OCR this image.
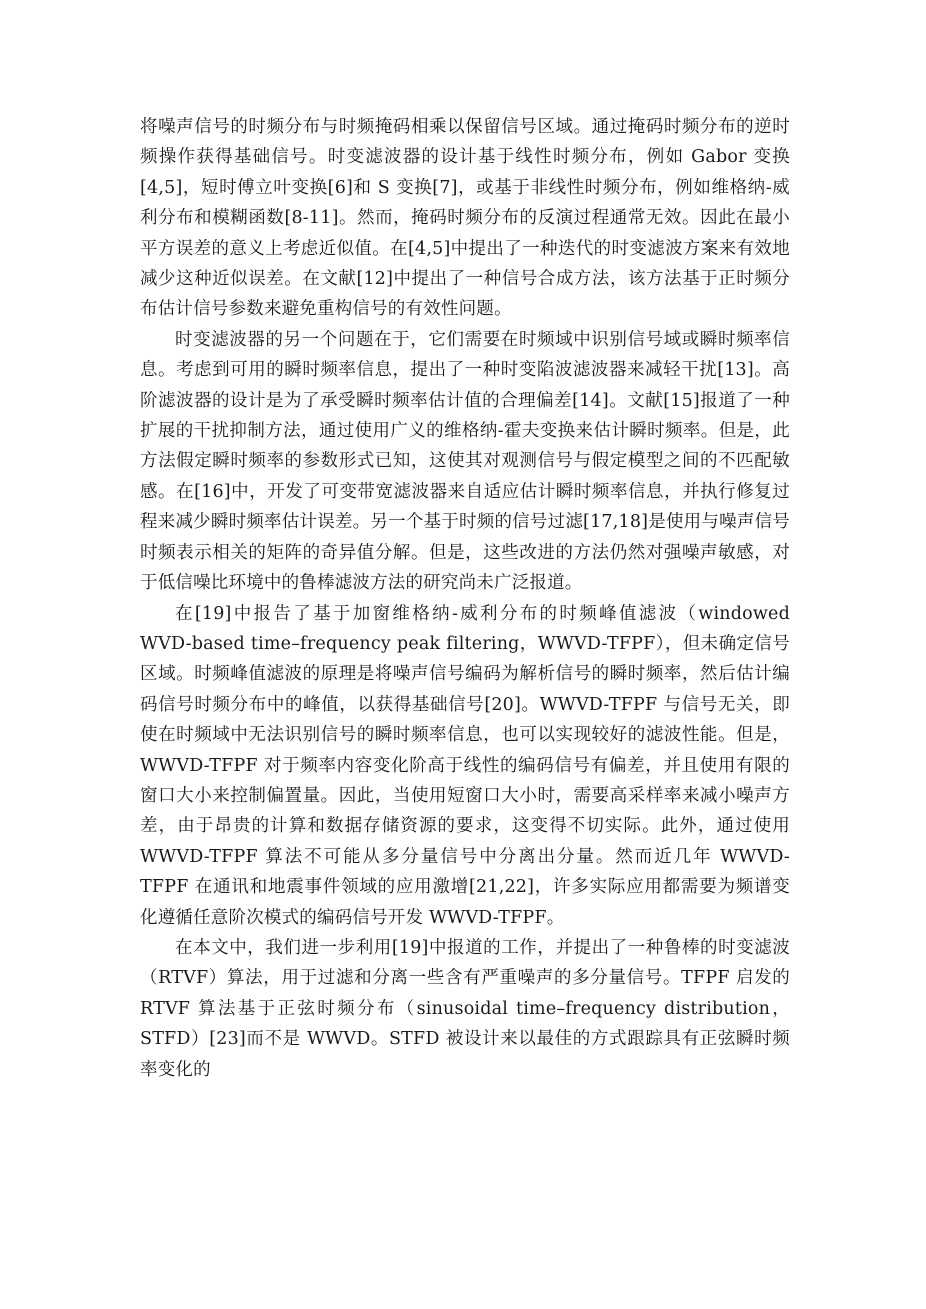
将噪声信号的时频分布与时频掩码相乘以保留信号区域。通过掩码时频分布的逆时频操作获得基础信号。时变滤波器的设计基于线性时频分布，例如 Gabor 变换[4,5]，短时傅立叶变换[6]和 S 变换[7]，或基于非线性时频分布，例如维格纳-威利分布和模糊函数[8-11]。然而，掩码时频分布的反演过程通常无效。因此在最小平方误差的意义上考虑近似值。在[4,5]中提出了一种迭代的时变滤波方案来有效地减少这种近似误差。在文献[12]中提出了一种信号合成方法，该方法基于正时频分布估计信号参数来避免重构信号的有效性问题。

时变滤波器的另一个问题在于，它们需要在时频域中识别信号域或瞬时频率信息。考虑到可用的瞬时频率信息，提出了一种时变陷波滤波器来减轻干扰[13]。高阶滤波器的设计是为了承受瞬时频率估计值的合理偏差[14]。文献[15]报道了一种扩展的干扰抑制方法，通过使用广义的维格纳-霍夫变换来估计瞬时频率。但是，此方法假定瞬时频率的参数形式已知，这使其对观测信号与假定模型之间的不匹配敏感。在[16]中，开发了可变带宽滤波器来自适应估计瞬时频率信息，并执行修复过程来减少瞬时频率估计误差。另一个基于时频的信号过滤[17,18]是使用与噪声信号时频表示相关的矩阵的奇异值分解。但是，这些改进的方法仍然对强噪声敏感，对于低信噪比环境中的鲁棒滤波方法的研究尚未广泛报道。

在[19]中报告了基于加窗维格纳-威利分布的时频峰值滤波（windowed WVD-based time–frequency peak filtering，WWVD-TFPF），但未确定信号区域。时频峰值滤波的原理是将噪声信号编码为解析信号的瞬时频率，然后估计编码信号时频分布中的峰值，以获得基础信号[20]。WWVD-TFPF 与信号无关，即使在时频域中无法识别信号的瞬时频率信息，也可以实现较好的滤波性能。但是，WWVD-TFPF 对于频率内容变化阶高于线性的编码信号有偏差，并且使用有限的窗口大小来控制偏置量。因此，当使用短窗口大小时，需要高采样率来减小噪声方差，由于昂贵的计算和数据存储资源的要求，这变得不切实际。此外，通过使用 WWVD-TFPF 算法不可能从多分量信号中分离出分量。然而近几年 WWVD-TFPF 在通讯和地震事件领域的应用激增[21,22]，许多实际应用都需要为频谱变化遵循任意阶次模式的编码信号开发 WWVD-TFPF。

在本文中，我们进一步利用[19]中报道的工作，并提出了一种鲁棒的时变滤波（RTVF）算法，用于过滤和分离一些含有严重噪声的多分量信号。TFPF 启发的 RTVF 算法基于正弦时频分布（sinusoidal time–frequency distribution，STFD）[23]而不是 WWVD。STFD 被设计来以最佳的方式跟踪具有正弦瞬时频率变化的
